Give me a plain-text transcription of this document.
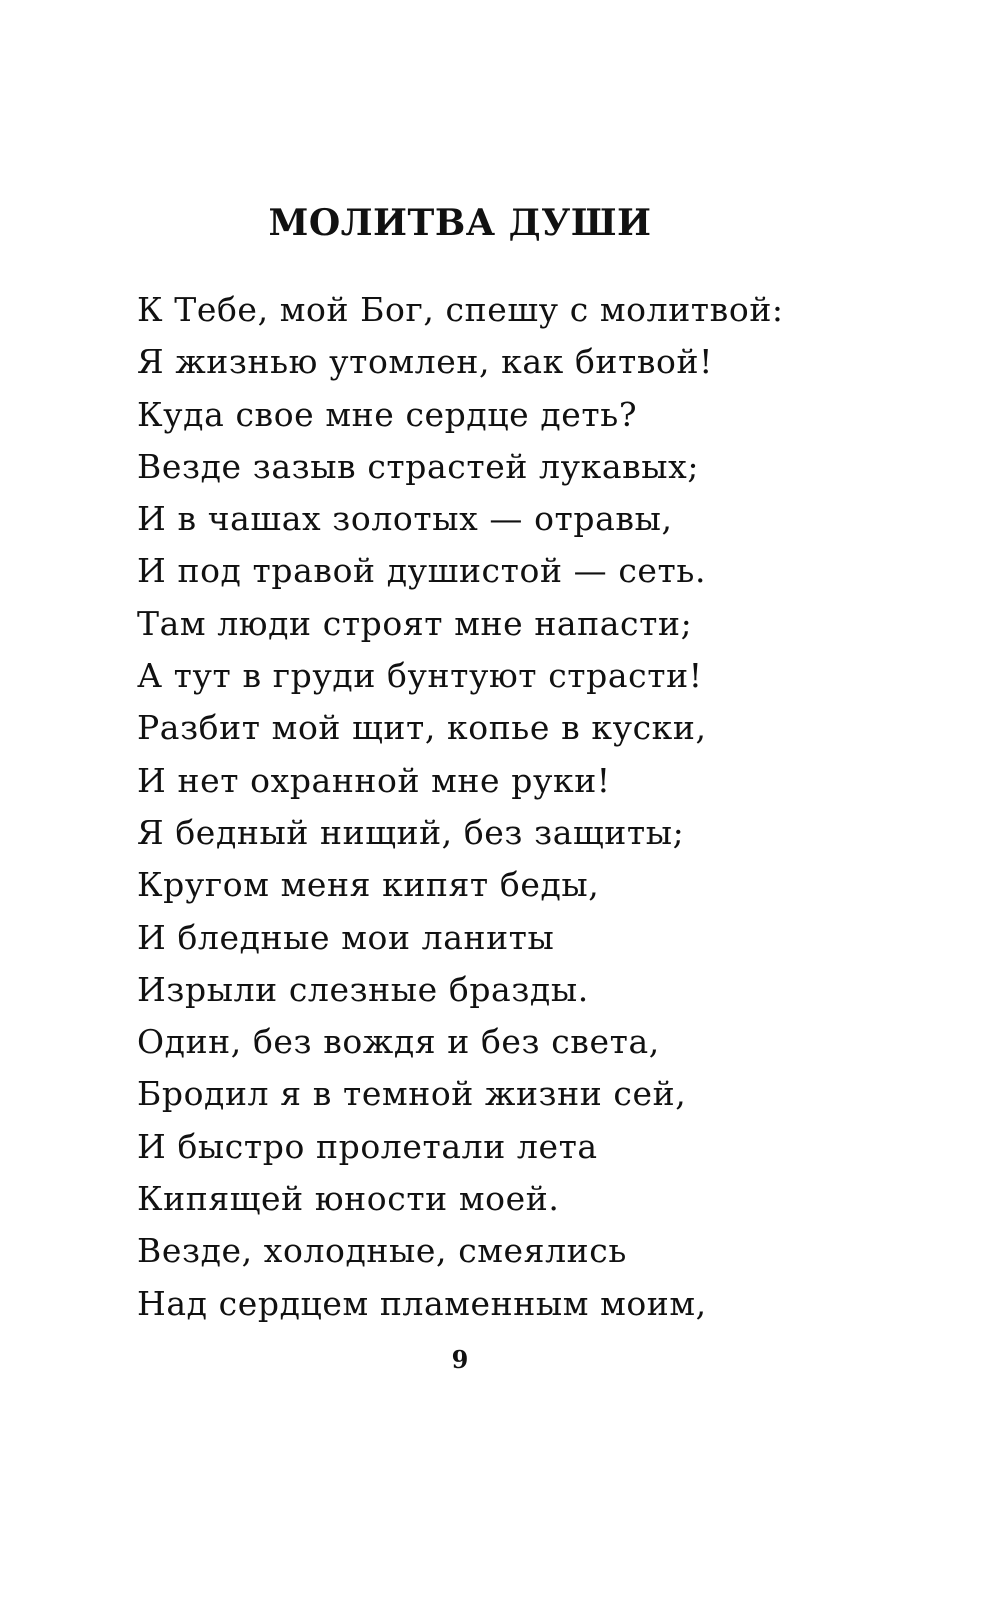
МОЛИТВА ДУШИ
К Тебе, мой Бог, спешу с молитвой:
Я жизнью утомлен, как битвой!
Куда свое мне сердце деть?
Везде зазыв страстей лукавых;
И в чашах золотых — отравы,
И под травой душистой — сеть.
Там люди строят мне напасти;
А тут в груди бунтуют страсти!
Разбит мой щит, копье в куски,
И нет охранной мне руки!
Я бедный нищий, без защиты;
Кругом меня кипят беды,
И бледные мои ланиты
Изрыли слезные бразды.
Один, без вождя и без света,
Бродил я в темной жизни сей,
И быстро пролетали лета
Кипящей юности моей.
Везде, холодные, смеялись
Над сердцем пламенным моим,
9
